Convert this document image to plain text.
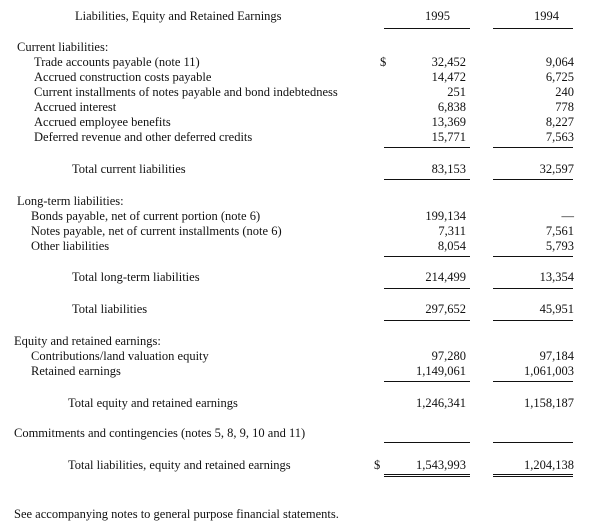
Liabilities, Equity and Retained Earnings	1995	1994
Current liabilities:
Trade accounts payable (note 11)	$	32,452	9,064
Accrued construction costs payable	14,472	6,725
Current installments of notes payable and bond indebtedness	251	240
Accrued interest	6,838	778
Accrued employee benefits	13,369	8,227
Deferred revenue and other deferred credits	15,771	7,563
Total current liabilities	83,153	32,597
Long-term liabilities:
Bonds payable, net of current portion (note 6)	199,134	—
Notes payable, net of current installments (note 6)	7,311	7,561
Other liabilities	8,054	5,793
Total long-term liabilities	214,499	13,354
Total liabilities	297,652	45,951
Equity and retained earnings:
Contributions/land valuation equity	97,280	97,184
Retained earnings	1,149,061	1,061,003
Total equity and retained earnings	1,246,341	1,158,187
Commitments and contingencies (notes 5, 8, 9, 10 and 11)
Total liabilities, equity and retained earnings	$	1,543,993	1,204,138
See accompanying notes to general purpose financial statements.
